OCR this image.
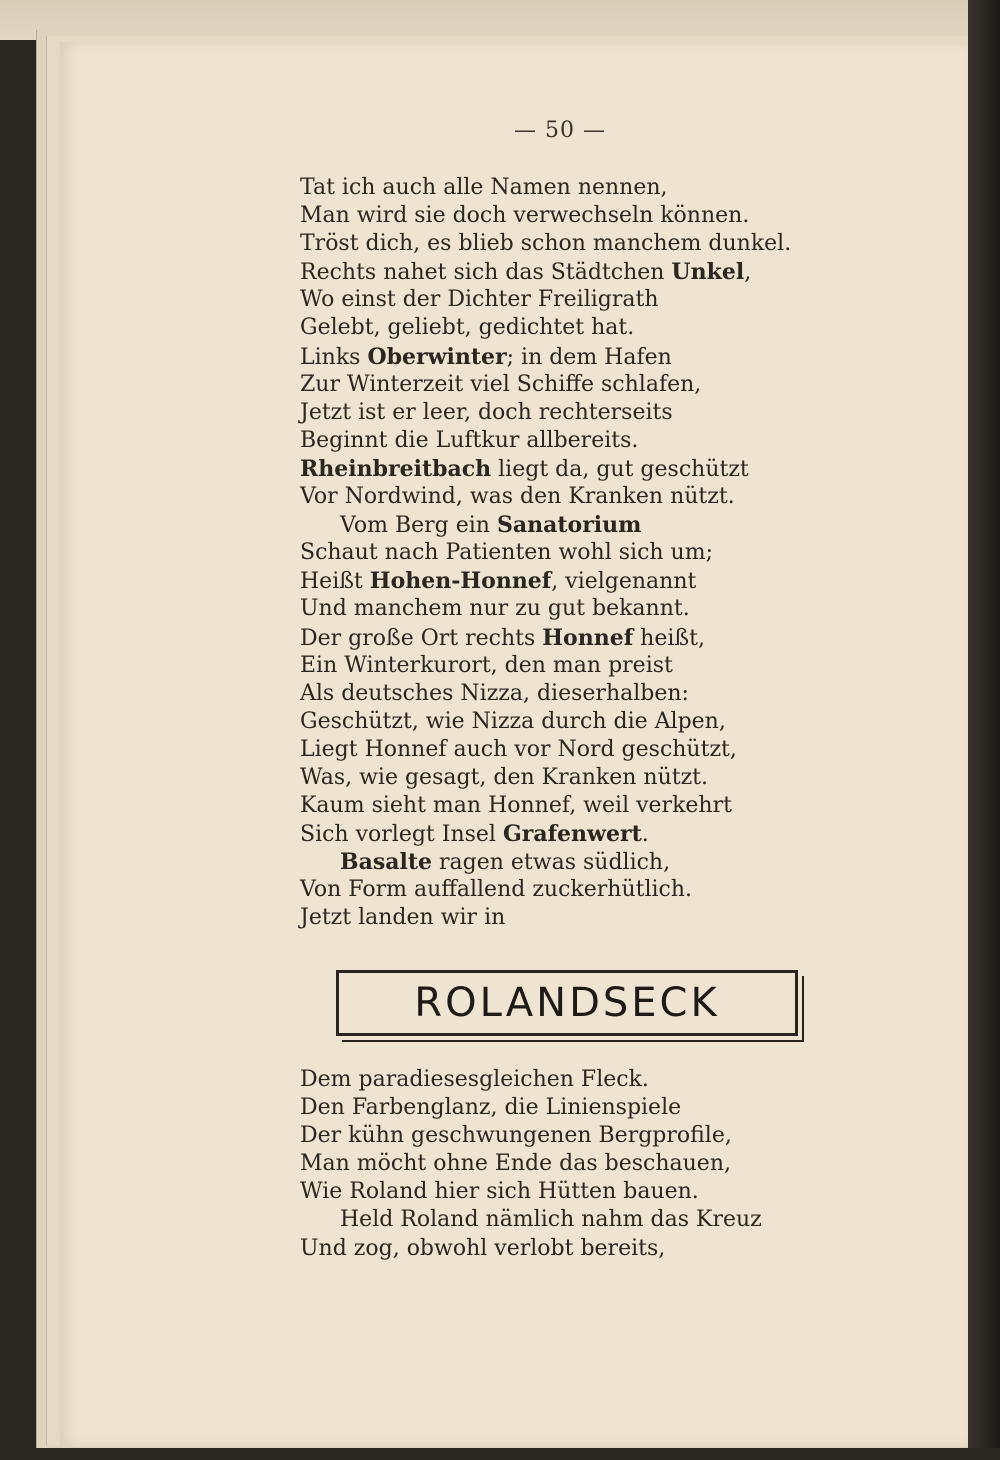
— 50 —
Tat ich auch alle Namen nennen,
Man wird sie doch verwechseln können.
Tröst dich, es blieb schon manchem dunkel.
Rechts nahet sich das Städtchen Unkel,
Wo einst der Dichter Freiligrath
Gelebt, geliebt, gedichtet hat.
Links Oberwinter; in dem Hafen
Zur Winterzeit viel Schiffe schlafen,
Jetzt ist er leer, doch rechterseits
Beginnt die Luftkur allbereits.
Rheinbreitbach liegt da, gut geschützt
Vor Nordwind, was den Kranken nützt.
Vom Berg ein Sanatorium
Schaut nach Patienten wohl sich um;
Heißt Hohen-Honnef, vielgenannt
Und manchem nur zu gut bekannt.
Der große Ort rechts Honnef heißt,
Ein Winterkurort, den man preist
Als deutsches Nizza, dieserhalben:
Geschützt, wie Nizza durch die Alpen,
Liegt Honnef auch vor Nord geschützt,
Was, wie gesagt, den Kranken nützt.
Kaum sieht man Honnef, weil verkehrt
Sich vorlegt Insel Grafenwert.
Basalte ragen etwas südlich,
Von Form auffallend zuckerhütlich.
Jetzt landen wir in
ROLANDSECK
Dem paradiesesgleichen Fleck.
Den Farbenglanz, die Linienspiele
Der kühn geschwungenen Bergprofile,
Man möcht ohne Ende das beschauen,
Wie Roland hier sich Hütten bauen.
Held Roland nämlich nahm das Kreuz
Und zog, obwohl verlobt bereits,
